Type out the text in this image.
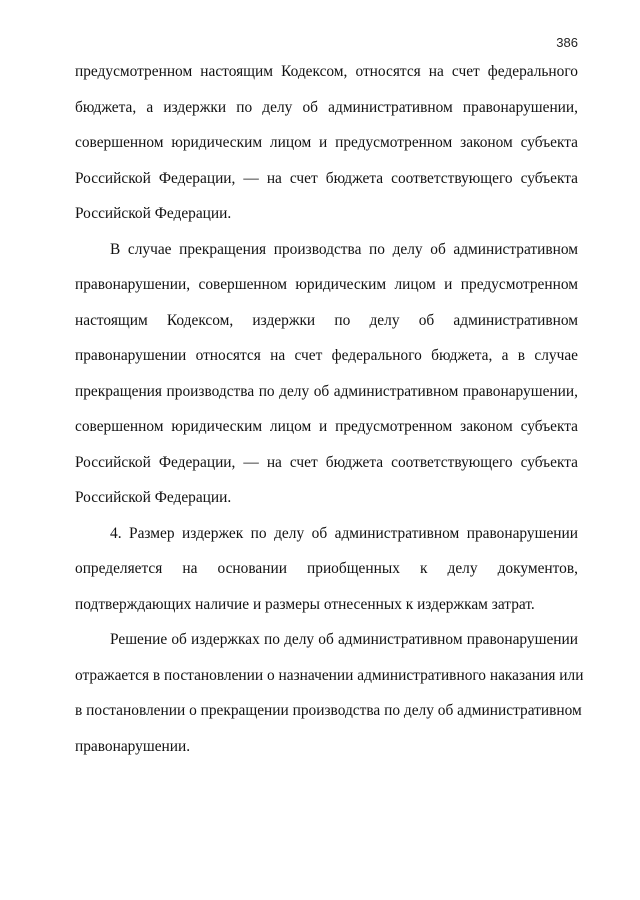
386
предусмотренном настоящим Кодексом, относятся на счет федерального
бюджета, а издержки по делу об административном правонарушении,
совершенном юридическим лицом и предусмотренном законом субъекта
Российской Федерации, — на счет бюджета соответствующего субъекта
Российской Федерации.
В случае прекращения производства по делу об административном
правонарушении, совершенном юридическим лицом и предусмотренном
настоящим Кодексом, издержки по делу об административном
правонарушении относятся на счет федерального бюджета, а в случае
прекращения производства по делу об административном правонарушении,
совершенном юридическим лицом и предусмотренном законом субъекта
Российской Федерации, — на счет бюджета соответствующего субъекта
Российской Федерации.
4. Размер издержек по делу об административном правонарушении
определяется на основании приобщенных к делу документов,
подтверждающих наличие и размеры отнесенных к издержкам затрат.
Решение об издержках по делу об административном правонарушении
отражается в постановлении о назначении административного наказания или
в постановлении о прекращении производства по делу об административном
правонарушении.
